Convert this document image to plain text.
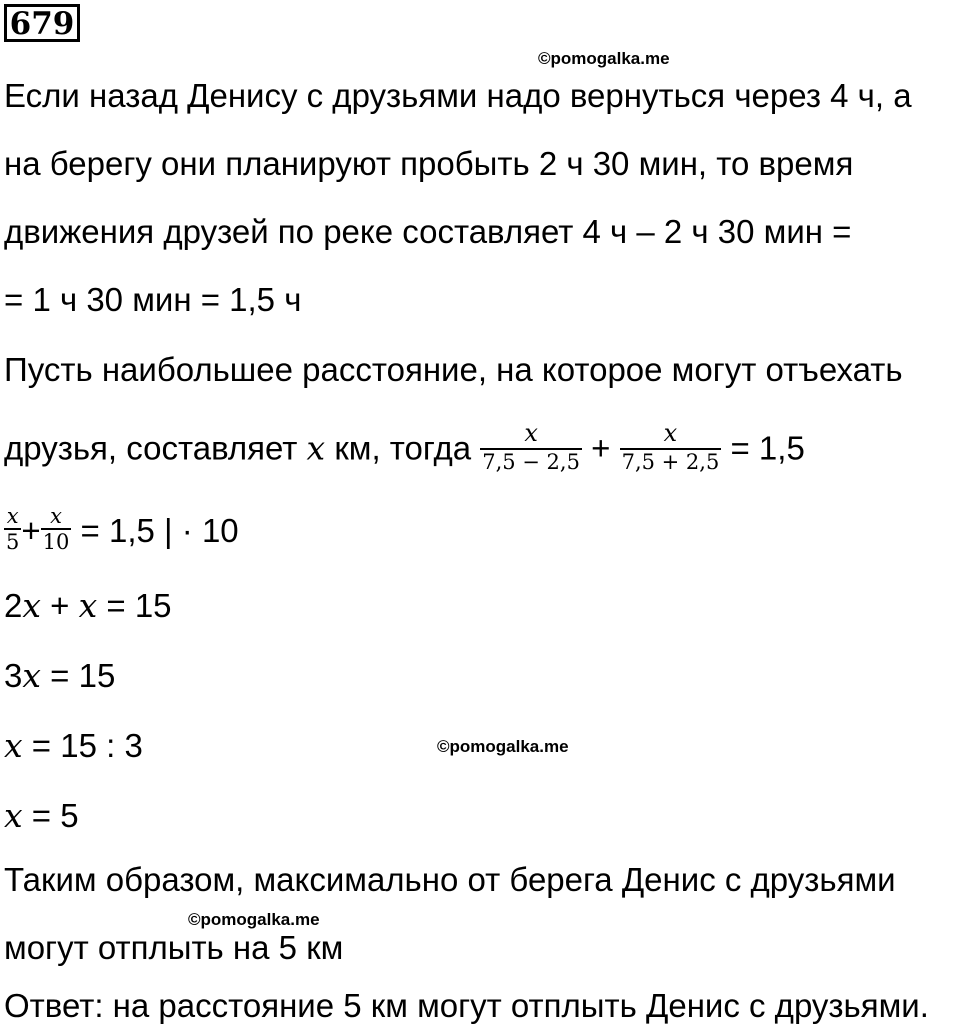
679
©pomogalka.me
©pomogalka.me
©pomogalka.me
Если назад Денису с друзьями надо вернуться через 4 ч, а
на берегу они планируют пробыть 2 ч 30 мин, то время
движения друзей по реке составляет 4 ч – 2 ч 30 мин =
= 1 ч 30 мин = 1,5 ч
Пусть наибольшее расстояние, на которое могут отъехать
друзья, составляет x км, тогда $\frac{x}{7,5 - 2,5} + \frac{x}{7,5 + 2,5} = 1,5$
$\frac{x}{5} + \frac{x}{10} = 1,5$ | · 10
2x + x = 15
3x = 15
x = 15 : 3
x = 5
Таким образом, максимально от берега Денис с друзьями
могут отплыть на 5 км
Ответ: на расстояние 5 км могут отплыть Денис с друзьями.
